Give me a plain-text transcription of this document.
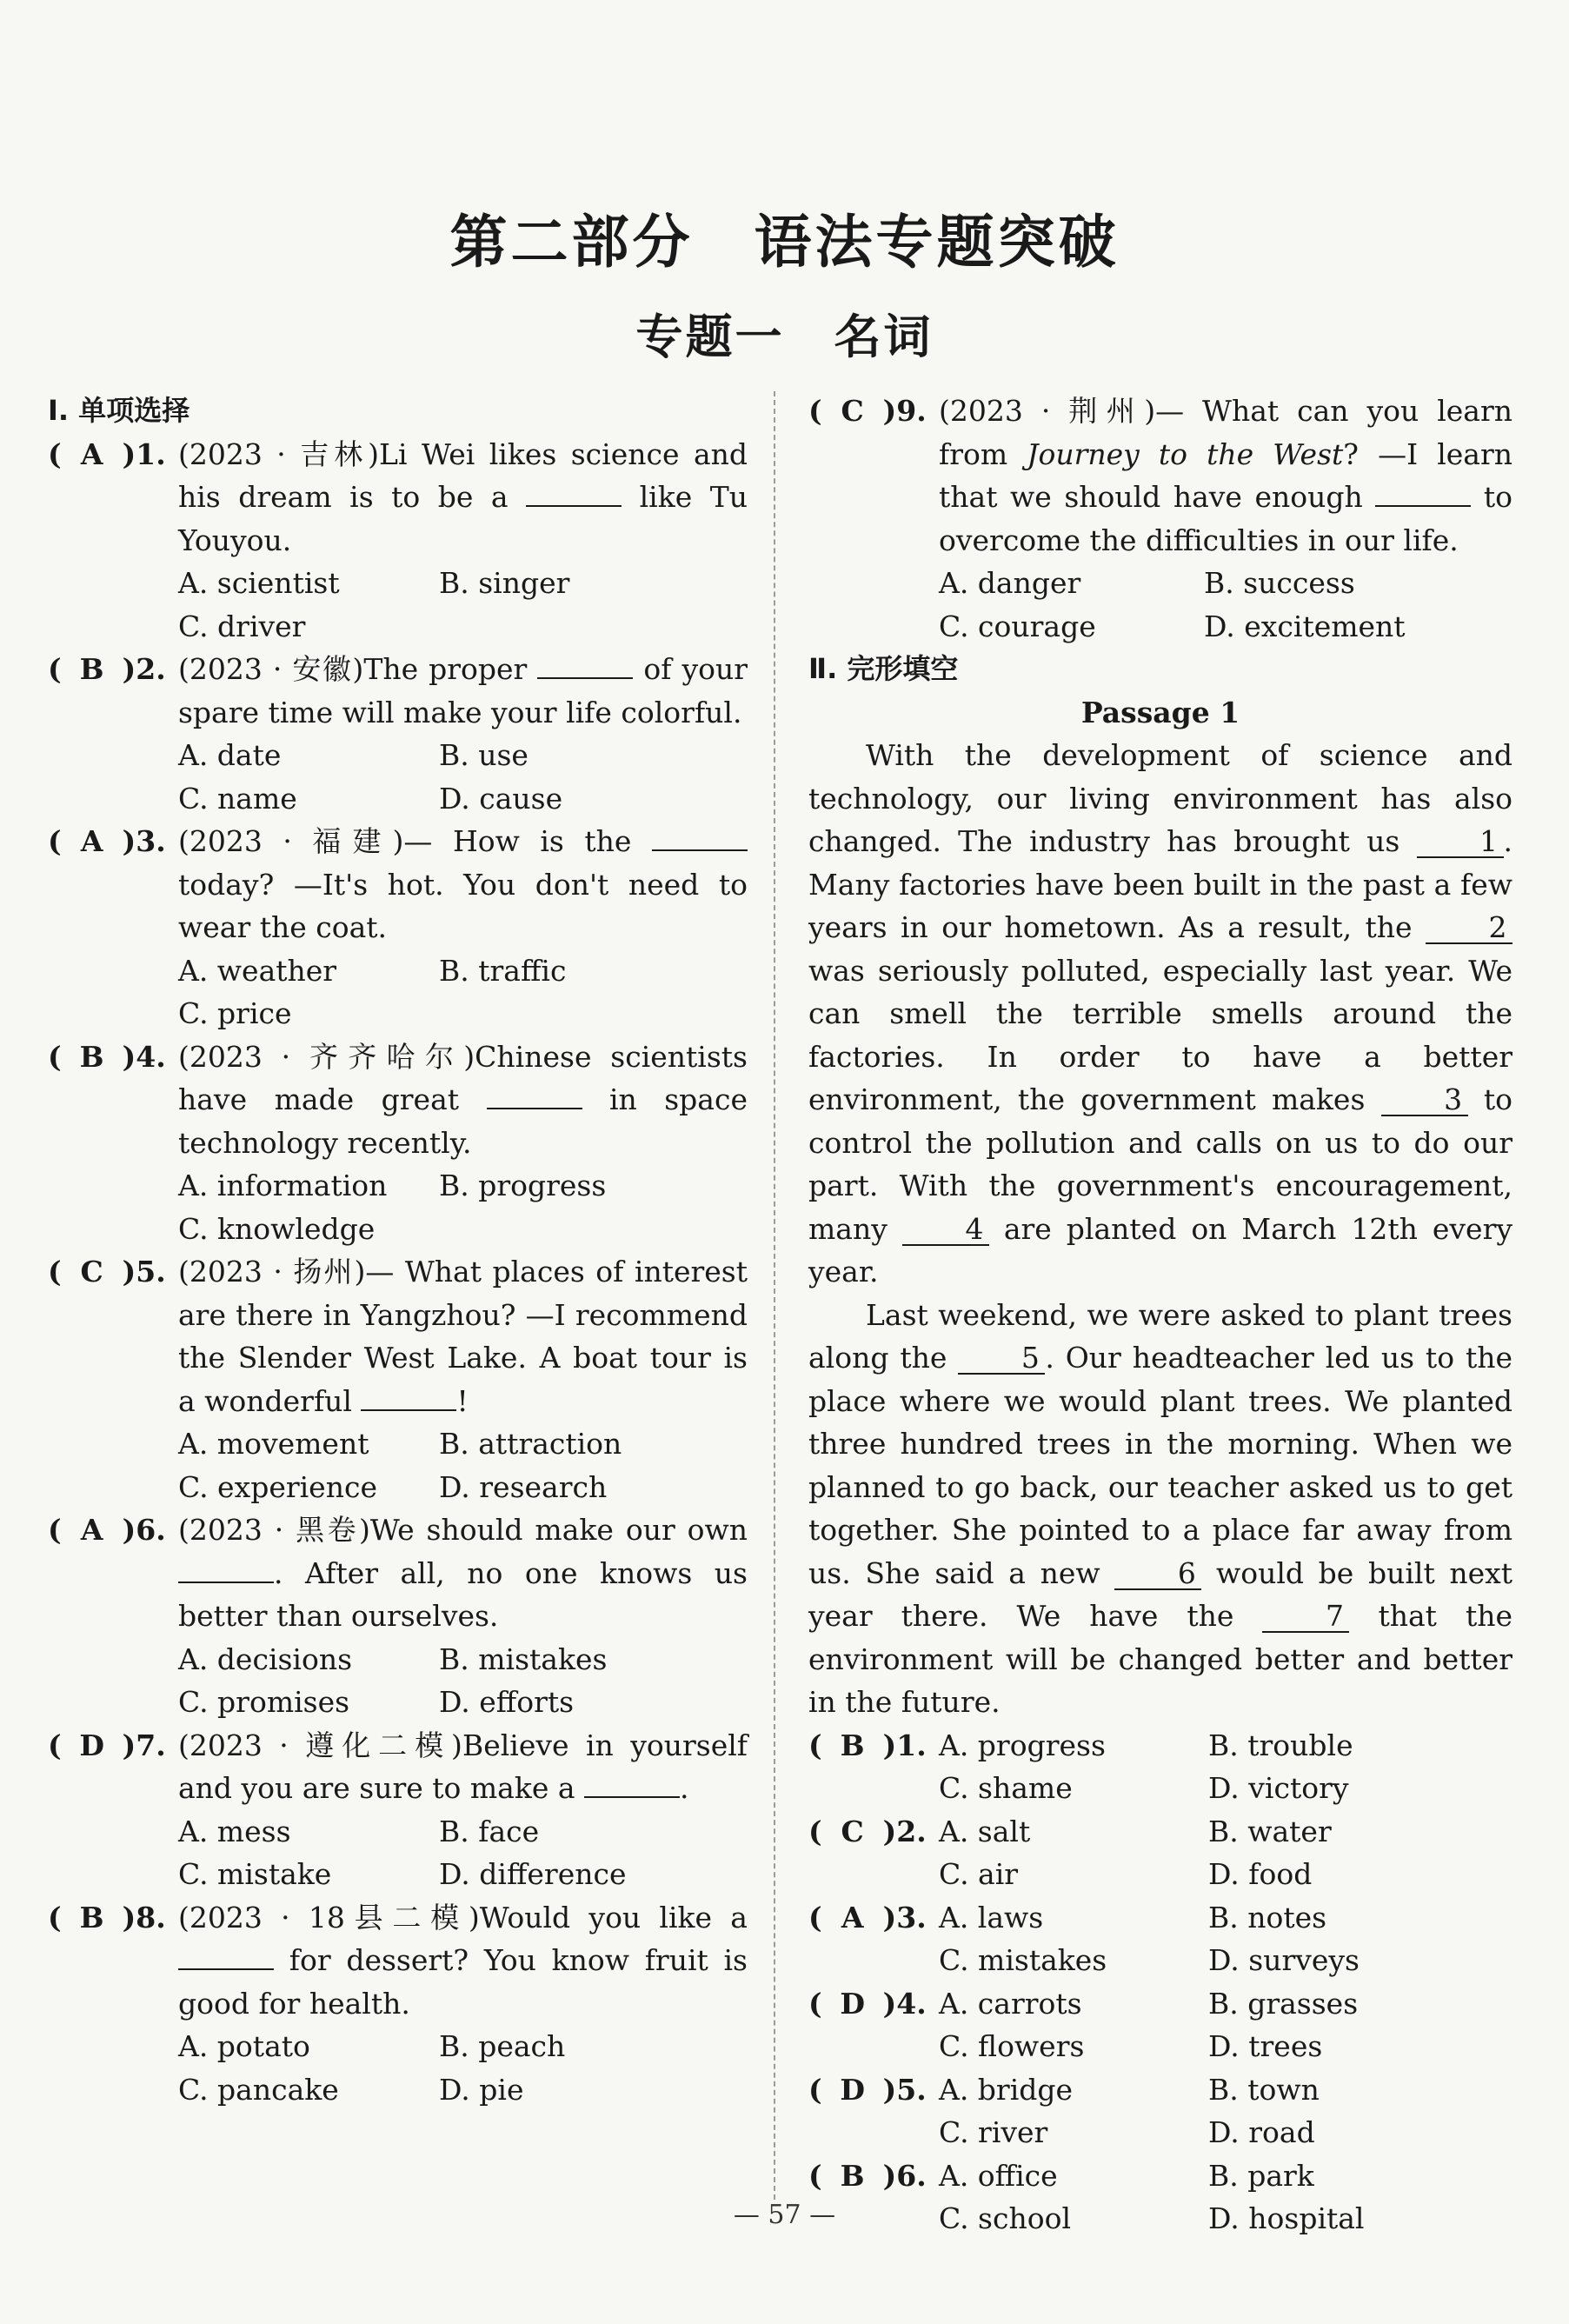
第二部分　语法专题突破
专题一　名词
Ⅰ. 单项选择
( A )1. (2023 · 吉林)Li Wei likes science and his dream is to be a	like Tu Youyou.
A. scientist	B. singer
C. driver
( B )2. (2023 · 安徽)The proper	of your spare time will make your life colorful.
A. date	B. use
C. name	D. cause
( A )3. (2023 · 福建)— How is the  today? —It's hot. You don't need to wear the coat.
A. weather	B. traffic
C. price
( B )4. (2023 · 齐齐哈尔)Chinese scientists have made great	in space technology recently.
A. information	B. progress
C. knowledge
( C )5. (2023 · 扬州)— What places of interest are there in Yangzhou? —I recommend the Slender West Lake. A boat tour is a wonderful	!
A. movement	B. attraction
C. experience	D. research
( A )6. (2023 · 黑卷)We should make our own . After all, no one knows us better than ourselves.
A. decisions	B. mistakes
C. promises	D. efforts
( D )7. (2023 · 遵化二模)Believe in yourself and you are sure to make a	.
A. mess	B. face
C. mistake	D. difference
( B )8. (2023 · 18县二模)Would you like a  for dessert? You know fruit is good for health.
A. potato	B. peach
C. pancake	D. pie
( C )9. (2023 · 荆州)— What can you learn from Journey to the West? —I learn that we should have enough	to overcome the difficulties in our life.
A. danger	B. success
C. courage	D. excitement
Ⅱ. 完形填空
Passage 1
With the development of science and technology, our living environment has also changed. The industry has brought us 1 . Many factories have been built in the past a few years in our hometown. As a result, the 2 was seriously polluted, especially last year. We can smell the terrible smells around the factories. In order to have a better environment, the government makes 3 to control the pollution and calls on us to do our part. With the government's encouragement, many 4 are planted on March 12th every year.
Last weekend, we were asked to plant trees along the 5 . Our headteacher led us to the place where we would plant trees. We planted three hundred trees in the morning. When we planned to go back, our teacher asked us to get together. She pointed to a place far away from us. She said a new 6 would be built next year there. We have the 7 that the environment will be changed better and better in the future.
( B )1. A. progress	B. trouble
C. shame	D. victory
( C )2. A. salt	B. water
C. air	D. food
( A )3. A. laws	B. notes
C. mistakes	D. surveys
( D )4. A. carrots	B. grasses
C. flowers	D. trees
( D )5. A. bridge	B. town
C. river	D. road
( B )6. A. office	B. park
C. school	D. hospital
— 57 —
